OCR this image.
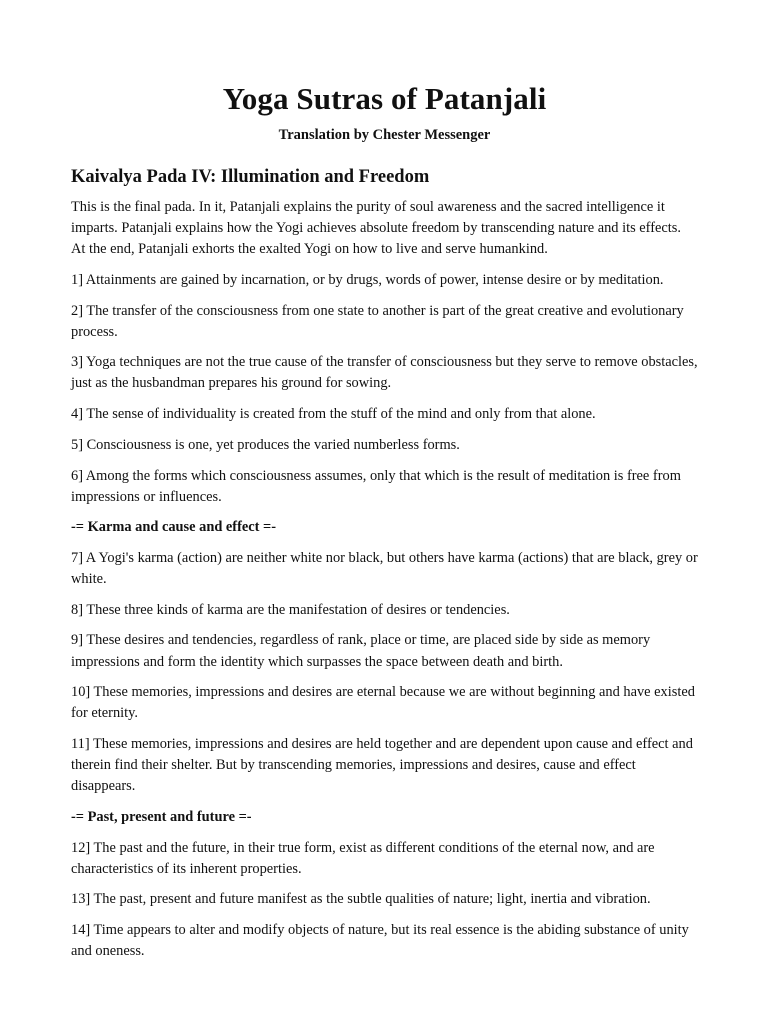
Yoga Sutras of Patanjali
Translation by Chester Messenger
Kaivalya Pada IV: Illumination and Freedom

This is the final pada. In it, Patanjali explains the purity of soul awareness and the sacred intelligence it imparts. Patanjali explains how the Yogi achieves absolute freedom by transcending nature and its effects. At the end, Patanjali exhorts the exalted Yogi on how to live and serve humankind.

1] Attainments are gained by incarnation, or by drugs, words of power, intense desire or by meditation.

2] The transfer of the consciousness from one state to another is part of the great creative and evolutionary process.

3] Yoga techniques are not the true cause of the transfer of consciousness but they serve to remove obstacles, just as the husbandman prepares his ground for sowing.

4] The sense of individuality is created from the stuff of the mind and only from that alone.

5] Consciousness is one, yet produces the varied numberless forms.

6] Among the forms which consciousness assumes, only that which is the result of meditation is free from impressions or influences.

-= Karma and cause and effect =-

7] A Yogi's karma (action) are neither white nor black, but others have karma (actions) that are black, grey or white.

8] These three kinds of karma are the manifestation of desires or tendencies.

9] These desires and tendencies, regardless of rank, place or time, are placed side by side as memory impressions and form the identity which surpasses the space between death and birth.

10] These memories, impressions and desires are eternal because we are without beginning and have existed for eternity.

11] These memories, impressions and desires are held together and are dependent upon cause and effect and therein find their shelter. But by transcending memories, impressions and desires, cause and effect disappears.

-= Past, present and future =-

12] The past and the future, in their true form, exist as different conditions of the eternal now, and are characteristics of its inherent properties.

13] The past, present and future manifest as the subtle qualities of nature; light, inertia and vibration.

14] Time appears to alter and modify objects of nature, but its real essence is the abiding substance of unity and oneness.
